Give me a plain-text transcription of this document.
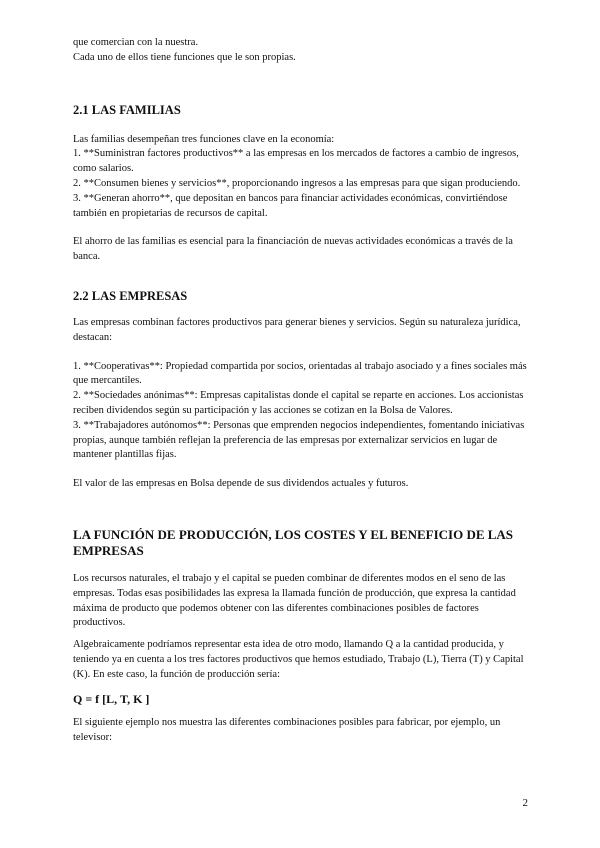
que comercian con la nuestra.

Cada uno de ellos tiene funciones que le son propias.

2.1 LAS FAMILIAS

Las familias desempeñan tres funciones clave en la economía:

1. **Suministran factores productivos** a las empresas en los mercados de factores a cambio de ingresos, como salarios.

2. **Consumen bienes y servicios**, proporcionando ingresos a las empresas para que sigan produciendo.

3. **Generan ahorro**, que depositan en bancos para financiar actividades económicas, convirtiéndose también en propietarias de recursos de capital.

El ahorro de las familias es esencial para la financiación de nuevas actividades económicas a través de la banca.

2.2 LAS EMPRESAS

Las empresas combinan factores productivos para generar bienes y servicios. Según su naturaleza jurídica, destacan:

1. **Cooperativas**: Propiedad compartida por socios, orientadas al trabajo asociado y a fines sociales más que mercantiles.

2. **Sociedades anónimas**: Empresas capitalistas donde el capital se reparte en acciones. Los accionistas reciben dividendos según su participación y las acciones se cotizan en la Bolsa de Valores.

3. **Trabajadores autónomos**: Personas que emprenden negocios independientes, fomentando iniciativas propias, aunque también reflejan la preferencia de las empresas por externalizar servicios en lugar de mantener plantillas fijas.

El valor de las empresas en Bolsa depende de sus dividendos actuales y futuros.

LA FUNCIÓN DE PRODUCCIÓN, LOS COSTES Y EL BENEFICIO DE LAS EMPRESAS

Los recursos naturales, el trabajo y el capital se pueden combinar de diferentes modos en el seno de las empresas. Todas esas posibilidades las expresa la llamada función de producción, que expresa la cantidad máxima de producto que podemos obtener con las diferentes combinaciones posibles de factores productivos.

Algebraicamente podríamos representar esta idea de otro modo, llamando Q a la cantidad producida, y teniendo ya en cuenta a los tres factores productivos que hemos estudiado, Trabajo (L), Tierra (T) y Capital (K). En este caso, la función de producción sería:

Q = f [L, T, K ]

El siguiente ejemplo nos muestra las diferentes combinaciones posibles para fabricar, por ejemplo, un televisor:

2
